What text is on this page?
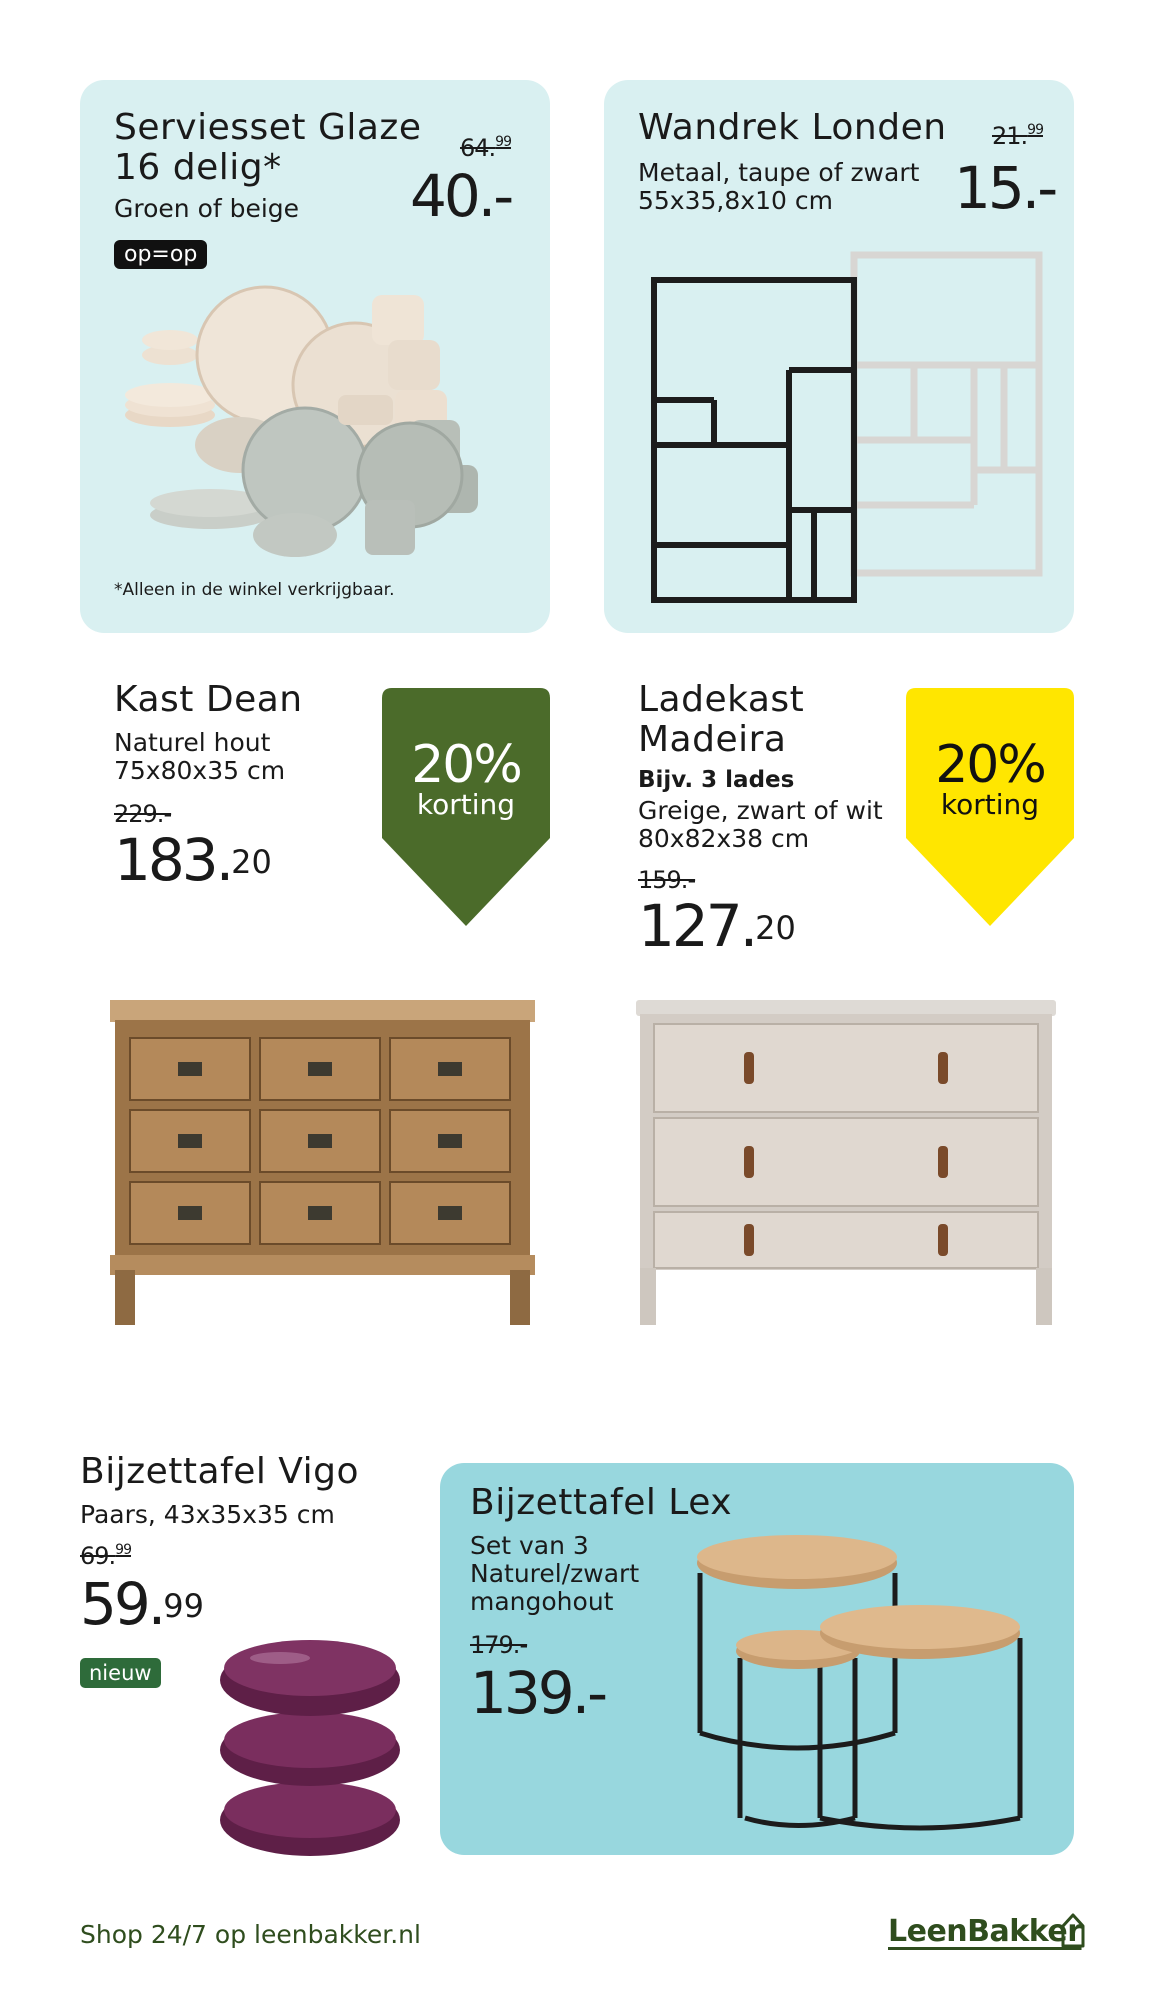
Serviesset Glaze
16 delig*
Groen of beige
64.99
40.-
op=op
*Alleen in de winkel verkrijgbaar.
Wandrek Londen
Metaal, taupe of zwart
55x35,8x10 cm
21.99
15.-
Kast Dean
Naturel hout
75x80x35 cm
229.-
183.20
20%
korting
Ladekast
Madeira
Bijv. 3 lades
Greige, zwart of wit
80x82x38 cm
159.-
127.20
20%
korting
Bijzettafel Vigo
Paars, 43x35x35 cm
69.99
59.99
nieuw
Bijzettafel Lex
Set van 3
Naturel/zwart
mangohout
179.-
139.-
Shop 24/7 op leenbakker.nl	LeenBakker
